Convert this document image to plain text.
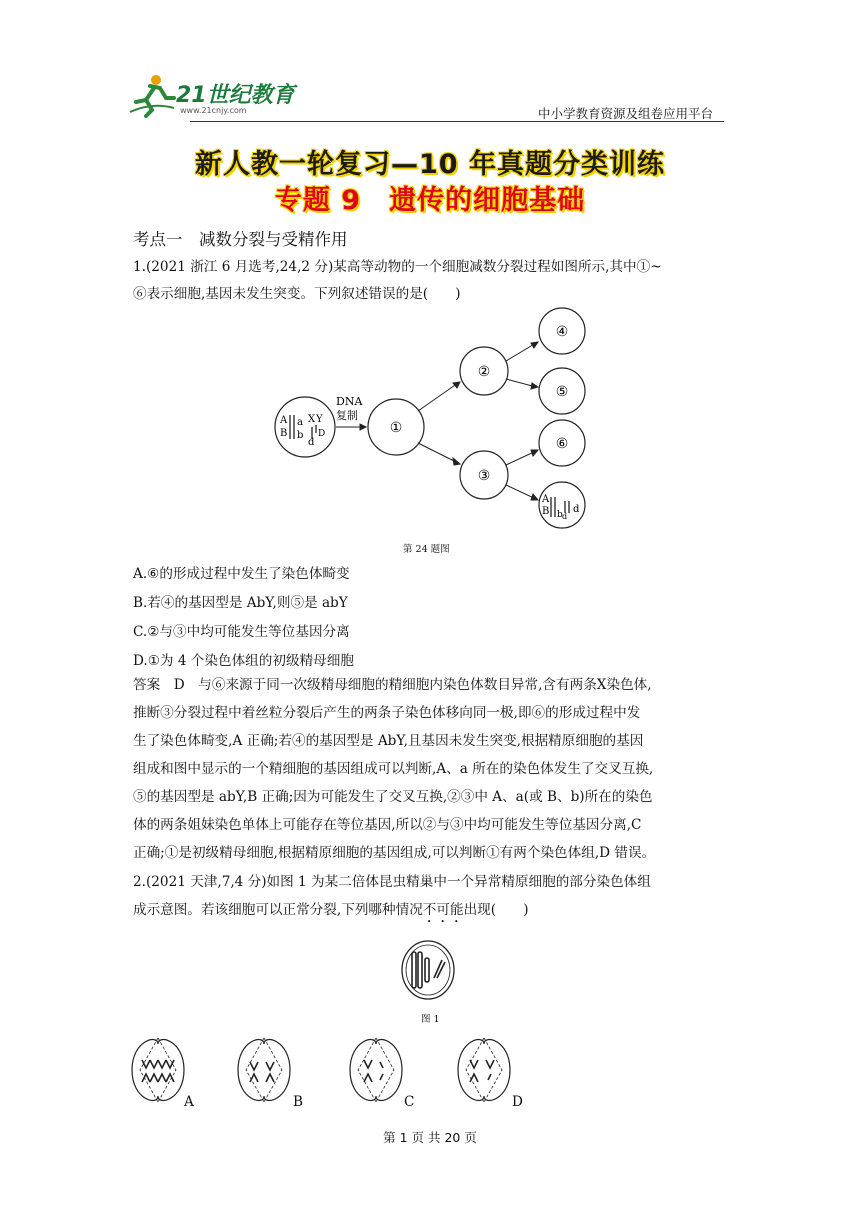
21世纪教育
www.21cnjy.com	中小学教育资源及组卷应用平台
新人教一轮复习—10 年真题分类训练
专题 9　遗传的细胞基础
考点一　减数分裂与受精作用
1.(2021 浙江 6 月选考,24,2 分)某高等动物的一个细胞减数分裂过程如图所示,其中①~
⑥表示细胞,基因未发生突变。下列叙述错误的是(　　)
DNA
复制
A
B
a
b
X Y
d
D	①
②
③
④
⑤
⑥
A
B b d
d
第 24 题图
A.⑥的形成过程中发生了染色体畸变
B.若④的基因型是 AbY,则⑤是 abY
C.②与③中均可能发生等位基因分离
D.①为 4 个染色体组的初级精母细胞
答案　D　与⑥来源于同一次级精母细胞的精细胞内染色体数目异常,含有两条X染色体,
推断③分裂过程中着丝粒分裂后产生的两条子染色体移向同一极,即⑥的形成过程中发
生了染色体畸变,A 正确;若④的基因型是 AbY,且基因未发生突变,根据精原细胞的基因
组成和图中显示的一个精细胞的基因组成可以判断,A、a 所在的染色体发生了交叉互换,
⑤的基因型是 abY,B 正确;因为可能发生了交叉互换,②③中 A、a(或 B、b)所在的染色
体的两条姐妹染色单体上可能存在等位基因,所以②与③中均可能发生等位基因分离,C
正确;①是初级精母细胞,根据精原细胞的基因组成,可以判断①有两个染色体组,D 错误。
2.(2021 天津,7,4 分)如图 1 为某二倍体昆虫精巢中一个异常精原细胞的部分染色体组
成示意图。若该细胞可以正常分裂,下列哪种情况不可能出现(　　)
图 1
A	B	C	D
第 1 页 共 20 页
